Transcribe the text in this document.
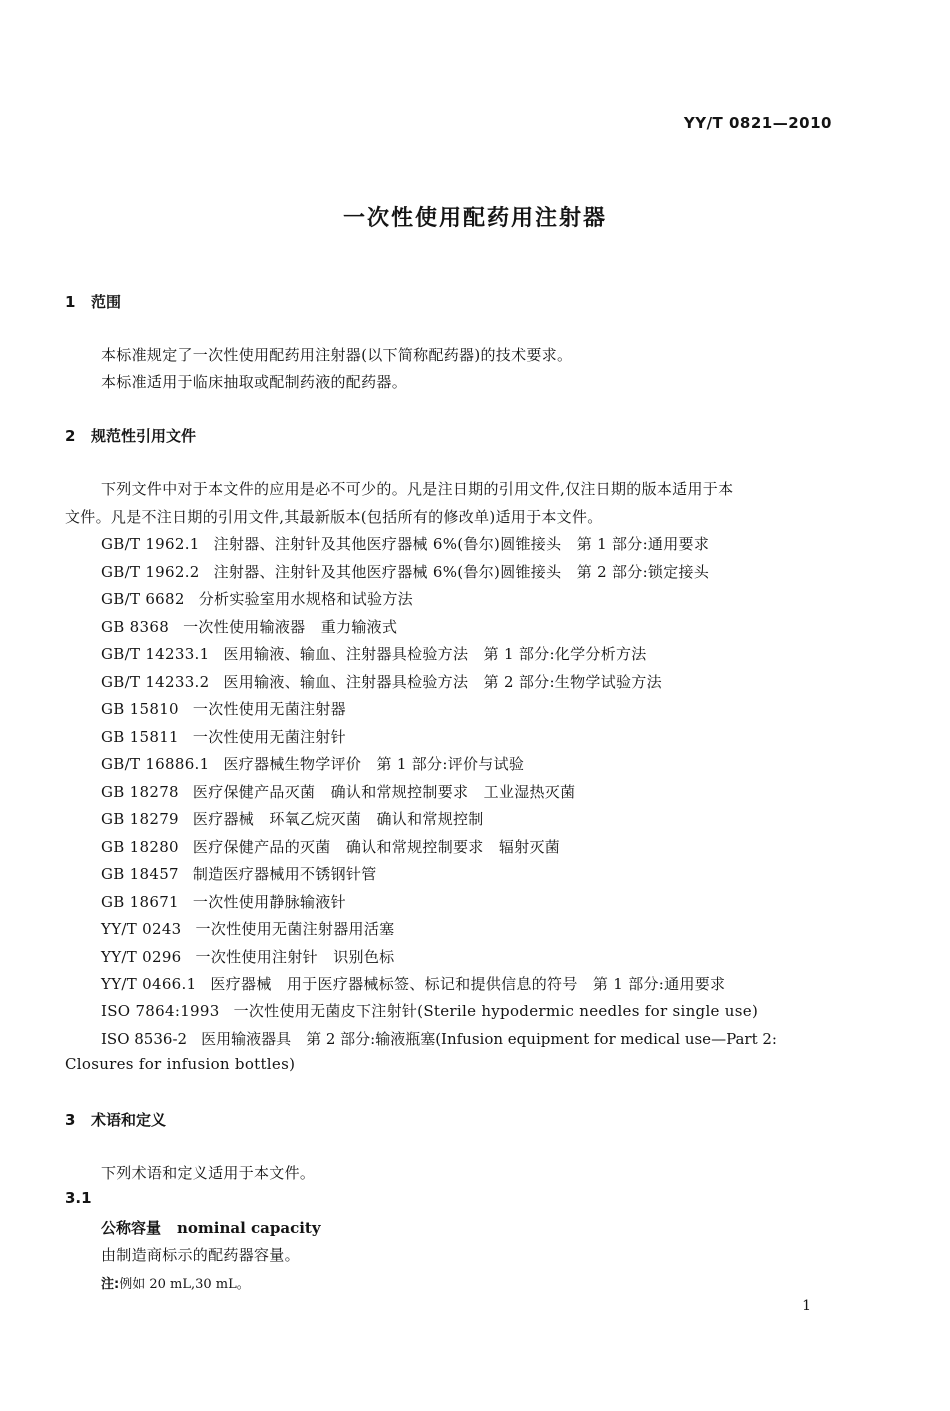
YY/T 0821—2010
一次性使用配药用注射器
1 范围
本标准规定了一次性使用配药用注射器(以下简称配药器)的技术要求。
本标准适用于临床抽取或配制药液的配药器。
2 规范性引用文件
下列文件中对于本文件的应用是必不可少的。凡是注日期的引用文件,仅注日期的版本适用于本
文件。凡是不注日期的引用文件,其最新版本(包括所有的修改单)适用于本文件。
GB/T 1962.1 注射器、注射针及其他医疗器械 6%(鲁尔)圆锥接头　第 1 部分:通用要求
GB/T 1962.2 注射器、注射针及其他医疗器械 6%(鲁尔)圆锥接头　第 2 部分:锁定接头
GB/T 6682 分析实验室用水规格和试验方法
GB 8368 一次性使用输液器　重力输液式
GB/T 14233.1 医用输液、输血、注射器具检验方法　第 1 部分:化学分析方法
GB/T 14233.2 医用输液、输血、注射器具检验方法　第 2 部分:生物学试验方法
GB 15810 一次性使用无菌注射器
GB 15811 一次性使用无菌注射针
GB/T 16886.1 医疗器械生物学评价　第 1 部分:评价与试验
GB 18278 医疗保健产品灭菌　确认和常规控制要求　工业湿热灭菌
GB 18279 医疗器械　环氧乙烷灭菌　确认和常规控制
GB 18280 医疗保健产品的灭菌　确认和常规控制要求　辐射灭菌
GB 18457 制造医疗器械用不锈钢针管
GB 18671 一次性使用静脉输液针
YY/T 0243 一次性使用无菌注射器用活塞
YY/T 0296 一次性使用注射针　识别色标
YY/T 0466.1 医疗器械　用于医疗器械标签、标记和提供信息的符号　第 1 部分:通用要求
ISO 7864:1993 一次性使用无菌皮下注射针(Sterile hypodermic needles for single use)
ISO 8536-2 医用输液器具　第 2 部分:输液瓶塞(Infusion equipment for medical use—Part 2:
Closures for infusion bottles)
3 术语和定义
下列术语和定义适用于本文件。
3.1
公称容量 nominal capacity
由制造商标示的配药器容量。
注:例如 20 mL,30 mL。
1
